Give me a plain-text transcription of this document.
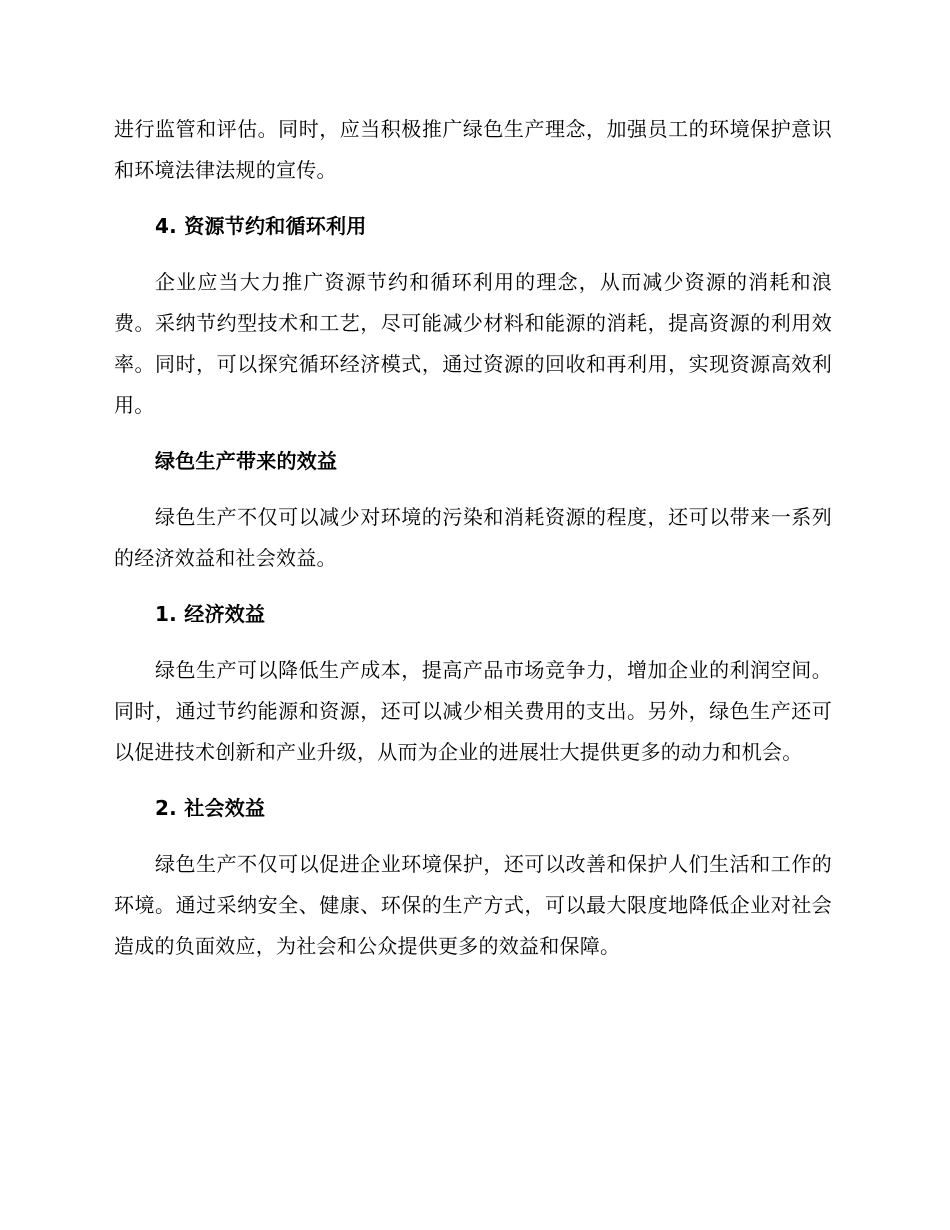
进行监管和评估。同时，应当积极推广绿色生产理念，加强员工的环境保护意识和环境法律法规的宣传。

4. 资源节约和循环利用

企业应当大力推广资源节约和循环利用的理念，从而减少资源的消耗和浪费。采纳节约型技术和工艺，尽可能减少材料和能源的消耗，提高资源的利用效率。同时，可以探究循环经济模式，通过资源的回收和再利用，实现资源高效利用。

绿色生产带来的效益

绿色生产不仅可以减少对环境的污染和消耗资源的程度，还可以带来一系列的经济效益和社会效益。

1. 经济效益

绿色生产可以降低生产成本，提高产品市场竞争力，增加企业的利润空间。同时，通过节约能源和资源，还可以减少相关费用的支出。另外，绿色生产还可以促进技术创新和产业升级，从而为企业的进展壮大提供更多的动力和机会。

2. 社会效益

绿色生产不仅可以促进企业环境保护，还可以改善和保护人们生活和工作的环境。通过采纳安全、健康、环保的生产方式，可以最大限度地降低企业对社会造成的负面效应，为社会和公众提供更多的效益和保障。
